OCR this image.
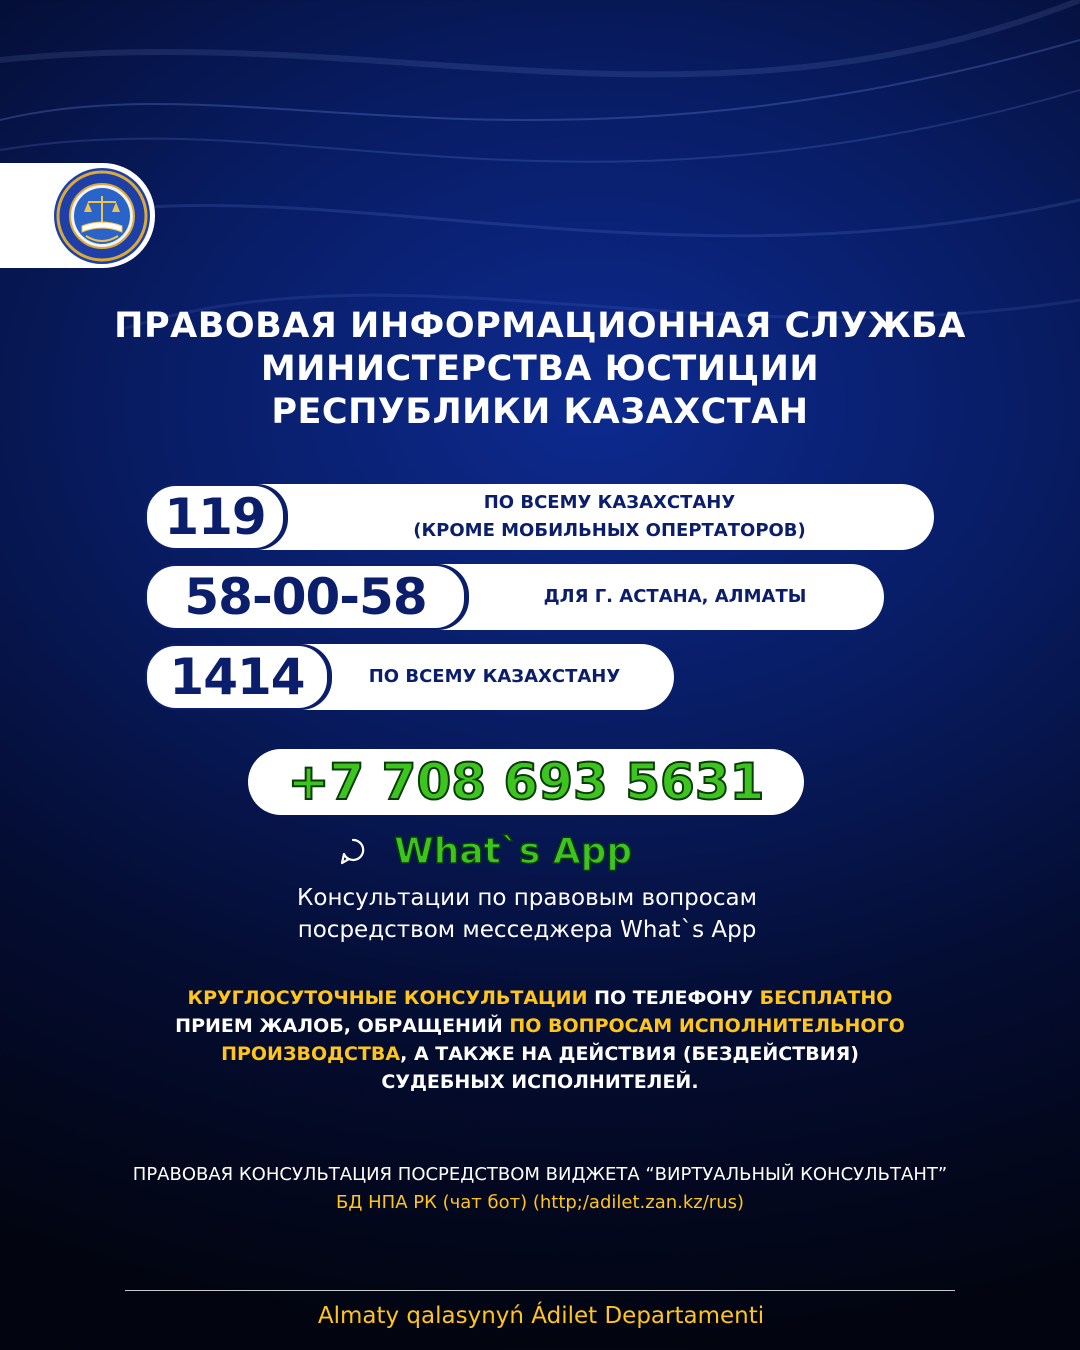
ПРАВОВАЯ ИНФОРМАЦИОННАЯ СЛУЖБА
МИНИСТЕРСТВА ЮСТИЦИИ
РЕСПУБЛИКИ КАЗАХСТАН
119	ПО ВСЕМУ КАЗАХСТАНУ
(КРОМЕ МОБИЛЬНЫХ ОПЕРТАТОРОВ)
58-00-58	ДЛЯ Г. АСТАНА, АЛМАТЫ
1414	ПО ВСЕМУ КАЗАХСТАНУ
+7 708 693 5631
What`s App
Консультации по правовым вопросам
посредством месседжера What`s App
КРУГЛОСУТОЧНЫЕ КОНСУЛЬТАЦИИ ПО ТЕЛЕФОНУ БЕСПЛАТНО
ПРИЕМ ЖАЛОБ, ОБРАЩЕНИЙ ПО ВОПРОСАМ ИСПОЛНИТЕЛЬНОГО
ПРОИЗВОДСТВА, А ТАКЖЕ НА ДЕЙСТВИЯ (БЕЗДЕЙСТВИЯ)
СУДЕБНЫХ ИСПОЛНИТЕЛЕЙ.
ПРАВОВАЯ КОНСУЛЬТАЦИЯ ПОСРЕДСТВОМ ВИДЖЕТА “ВИРТУАЛЬНЫЙ КОНСУЛЬТАНТ”
БД НПА РК (чат бот) (http;/adilet.zan.kz/rus)
Almaty qalasynyń Ádilet Departamenti
